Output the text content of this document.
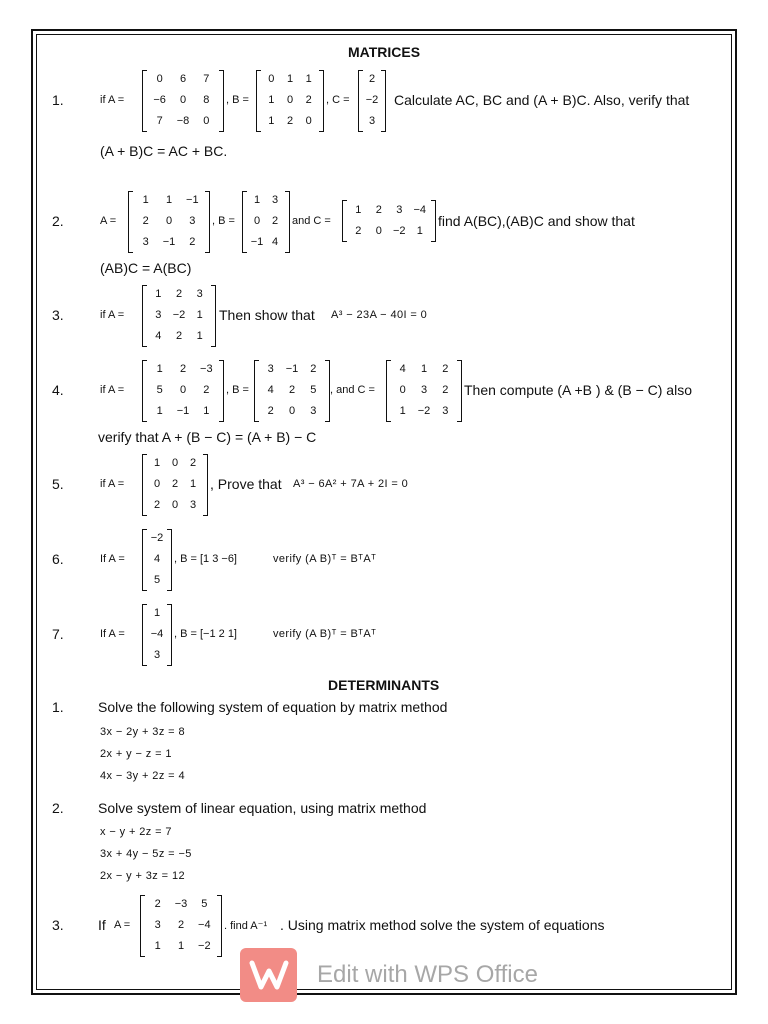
MATRICES
DETERMINANTS
1.	if A =
0	6	7
−6	0	8
7	−8	0
, B =
0	1	1
1	0	2
1	2	0
, C =
2
−2
3
Calculate AC, BC and (A + B)C. Also, verify that
(A + B)C = AC + BC.
2.	A =
1	1	−1
2	0	3
3	−1	2
, B =
1	3
0	2
−1 4
and C =
1	2	3	−4
2	0	−2	1
find A(BC),(AB)C and show that
(AB)C = A(BC)
3.	if A =
1	2	3
3	−2	1
4	2	1
Then show that A³ − 23A − 40I = 0
4.	if A =
1	2	−3
5	0	2
1	−1	1
, B =
3	−1	2
4	2	5
2	0	3
, and C =
4	1	2
0	3	2
1	−2	3
Then compute (A +B ) & (B − C) also
verify that A + (B − C) = (A + B) − C
5.	if A =
1	0	2
0	2	1
2	0	3
, Prove that A³ − 6A² + 7A + 2I = 0
6.	If A =
−2
4
5
, B = [1 3 −6]	verify (A B)ᵀ = BᵀAᵀ
7.	If A =
1
−4
3
, B = [−1 2 1]	verify (A B)ᵀ = BᵀAᵀ
1. Solve the following system of equation by matrix method
3x − 2y + 3z = 8
2x + y − z = 1
4x − 3y + 2z = 4
2. Solve system of linear equation, using matrix method
x − y + 2z = 7
3x + 4y − 5z = −5
2x − y + 3z = 12
3. If A =
2	−3	5
3	2	−4
1	1	−2
. find A⁻¹ . Using matrix method solve the system of equations
Edit with WPS Office
